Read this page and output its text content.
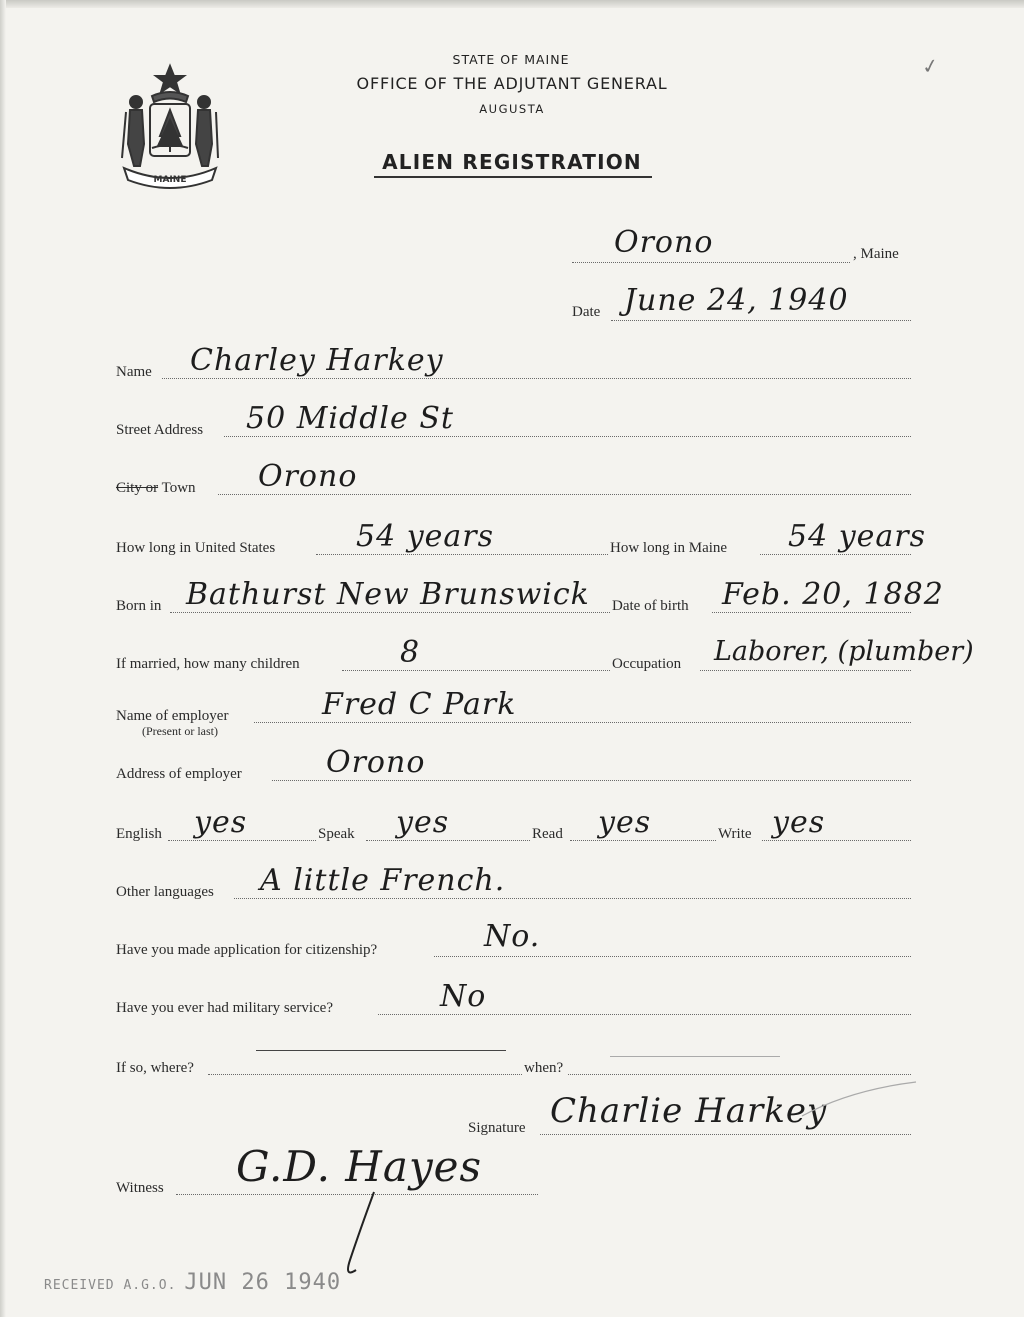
MAINE
STATE OF MAINE
OFFICE OF THE ADJUTANT GENERAL
AUGUSTA
ALIEN REGISTRATION
✓
Orono	, Maine
Date June 24, 1940
Name Charley Harkey
Street Address 50 Middle St
City or Town Orono
How long in United States	54 years	How long in Maine 54 years
Born in Bathurst New Brunswick Date of birth Feb. 20, 1882
If married, how many children	8	Occupation Laborer, (plumber)
Name of employer
(Present or last)
Fred C Park
Address of employer	Orono
English yes	Speak yes	Read yes	Write yes
Other languages A little French.
Have you made application for citizenship?	No.
Have you ever had military service?	No
If so, where?	when?
Signature Charlie Harkey
Witness G.D. Hayes
RECEIVED A.G.O. JUN 26 1940
